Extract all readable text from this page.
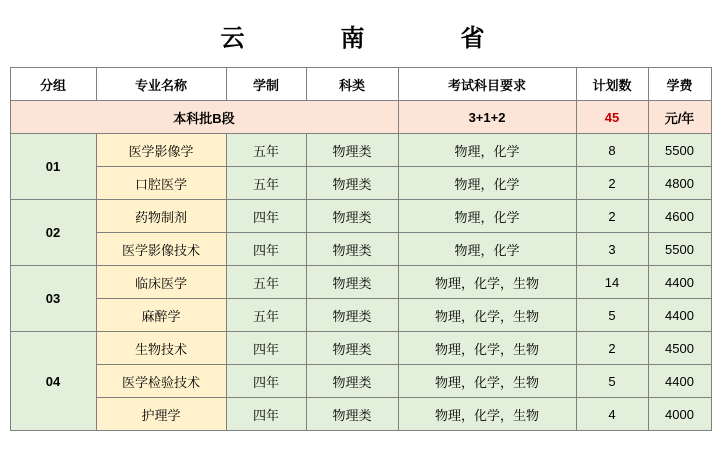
云　　南　　省
分组	专业名称	学制	科类	考试科目要求	计划数	学费
本科批B段				3+1+2	45	元/年
01	医学影像学	五年	物理类	物理，化学	8	5500
	口腔医学	五年	物理类	物理，化学	2	4800
02	药物制剂	四年	物理类	物理，化学	2	4600
	医学影像技术	四年	物理类	物理，化学	3	5500
03	临床医学	五年	物理类	物理，化学，生物	14	4400
	麻醉学	五年	物理类	物理，化学，生物	5	4400
04	生物技术	四年	物理类	物理，化学，生物	2	4500
	医学检验技术	四年	物理类	物理，化学，生物	5	4400
	护理学	四年	物理类	物理，化学，生物	4	4000
